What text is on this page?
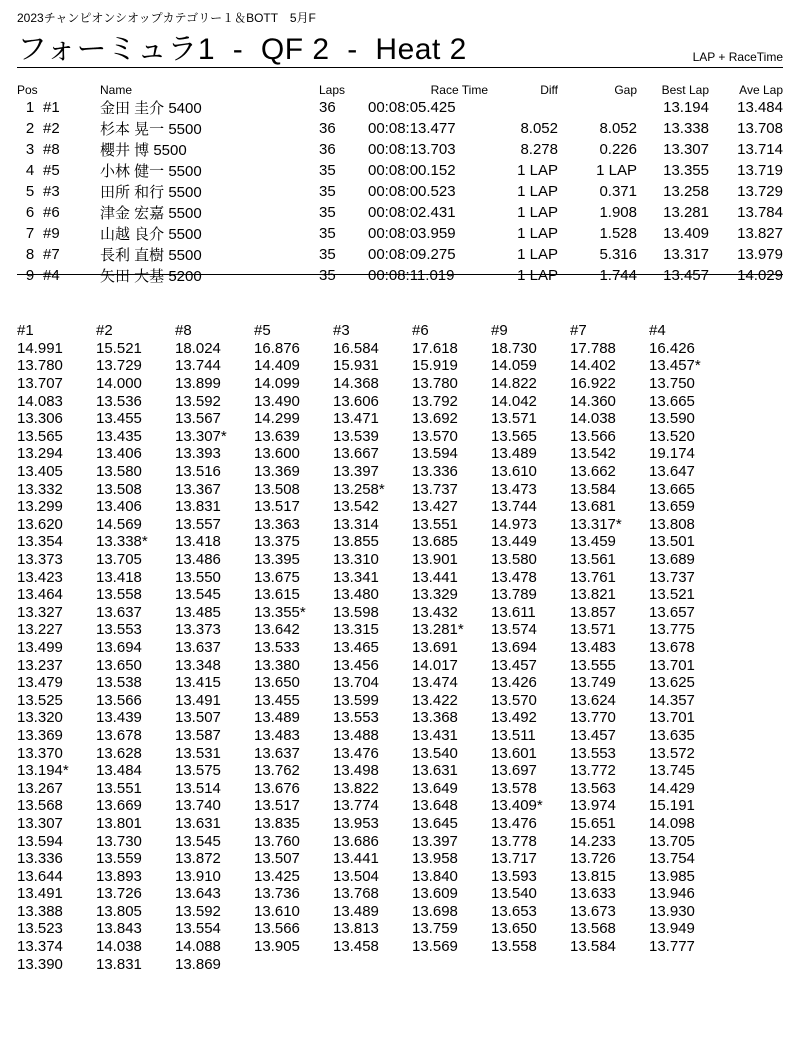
2023チャンピオンシオップカテゴリー１＆BOTT　5月F
フォーミュラ1  -  QF 2  -  Heat 2	LAP + RaceTime
Pos		Name	Laps	Race Time	Diff	Gap	Best Lap	Ave Lap
1	#1	金田 圭介 5400	36	00:08:05.425			13.194	13.484
2	#2	杉本 晃一 5500	36	00:08:13.477	8.052	8.052	13.338	13.708
3	#8	櫻井 博 5500	36	00:08:13.703	8.278	0.226	13.307	13.714
4	#5	小林 健一 5500	35	00:08:00.152	1 LAP	1 LAP	13.355	13.719
5	#3	田所 和行 5500	35	00:08:00.523	1 LAP	0.371	13.258	13.729
6	#6	津金 宏嘉 5500	35	00:08:02.431	1 LAP	1.908	13.281	13.784
7	#9	山越 良介 5500	35	00:08:03.959	1 LAP	1.528	13.409	13.827
8	#7	長利 直樹 5500	35	00:08:09.275	1 LAP	5.316	13.317	13.979
9	#4	矢田 大基 5200	35	00:08:11.019	1 LAP	1.744	13.457	14.029
#1	#2	#8	#5	#3	#6	#9	#7	#4
14.991	15.521	18.024	16.876	16.584	17.618	18.730	17.788	16.426
13.780	13.729	13.744	14.409	15.931	15.919	14.059	14.402	13.457*
13.707	14.000	13.899	14.099	14.368	13.780	14.822	16.922	13.750
14.083	13.536	13.592	13.490	13.606	13.792	14.042	14.360	13.665
13.306	13.455	13.567	14.299	13.471	13.692	13.571	14.038	13.590
13.565	13.435	13.307*	13.639	13.539	13.570	13.565	13.566	13.520
13.294	13.406	13.393	13.600	13.667	13.594	13.489	13.542	19.174
13.405	13.580	13.516	13.369	13.397	13.336	13.610	13.662	13.647
13.332	13.508	13.367	13.508	13.258*	13.737	13.473	13.584	13.665
13.299	13.406	13.831	13.517	13.542	13.427	13.744	13.681	13.659
13.620	14.569	13.557	13.363	13.314	13.551	14.973	13.317*	13.808
13.354	13.338*	13.418	13.375	13.855	13.685	13.449	13.459	13.501
13.373	13.705	13.486	13.395	13.310	13.901	13.580	13.561	13.689
13.423	13.418	13.550	13.675	13.341	13.441	13.478	13.761	13.737
13.464	13.558	13.545	13.615	13.480	13.329	13.789	13.821	13.521
13.327	13.637	13.485	13.355*	13.598	13.432	13.611	13.857	13.657
13.227	13.553	13.373	13.642	13.315	13.281*	13.574	13.571	13.775
13.499	13.694	13.637	13.533	13.465	13.691	13.694	13.483	13.678
13.237	13.650	13.348	13.380	13.456	14.017	13.457	13.555	13.701
13.479	13.538	13.415	13.650	13.704	13.474	13.426	13.749	13.625
13.525	13.566	13.491	13.455	13.599	13.422	13.570	13.624	14.357
13.320	13.439	13.507	13.489	13.553	13.368	13.492	13.770	13.701
13.369	13.678	13.587	13.483	13.488	13.431	13.511	13.457	13.635
13.370	13.628	13.531	13.637	13.476	13.540	13.601	13.553	13.572
13.194*	13.484	13.575	13.762	13.498	13.631	13.697	13.772	13.745
13.267	13.551	13.514	13.676	13.822	13.649	13.578	13.563	14.429
13.568	13.669	13.740	13.517	13.774	13.648	13.409*	13.974	15.191
13.307	13.801	13.631	13.835	13.953	13.645	13.476	15.651	14.098
13.594	13.730	13.545	13.760	13.686	13.397	13.778	14.233	13.705
13.336	13.559	13.872	13.507	13.441	13.958	13.717	13.726	13.754
13.644	13.893	13.910	13.425	13.504	13.840	13.593	13.815	13.985
13.491	13.726	13.643	13.736	13.768	13.609	13.540	13.633	13.946
13.388	13.805	13.592	13.610	13.489	13.698	13.653	13.673	13.930
13.523	13.843	13.554	13.566	13.813	13.759	13.650	13.568	13.949
13.374	14.038	14.088	13.905	13.458	13.569	13.558	13.584	13.777
13.390	13.831	13.869						
